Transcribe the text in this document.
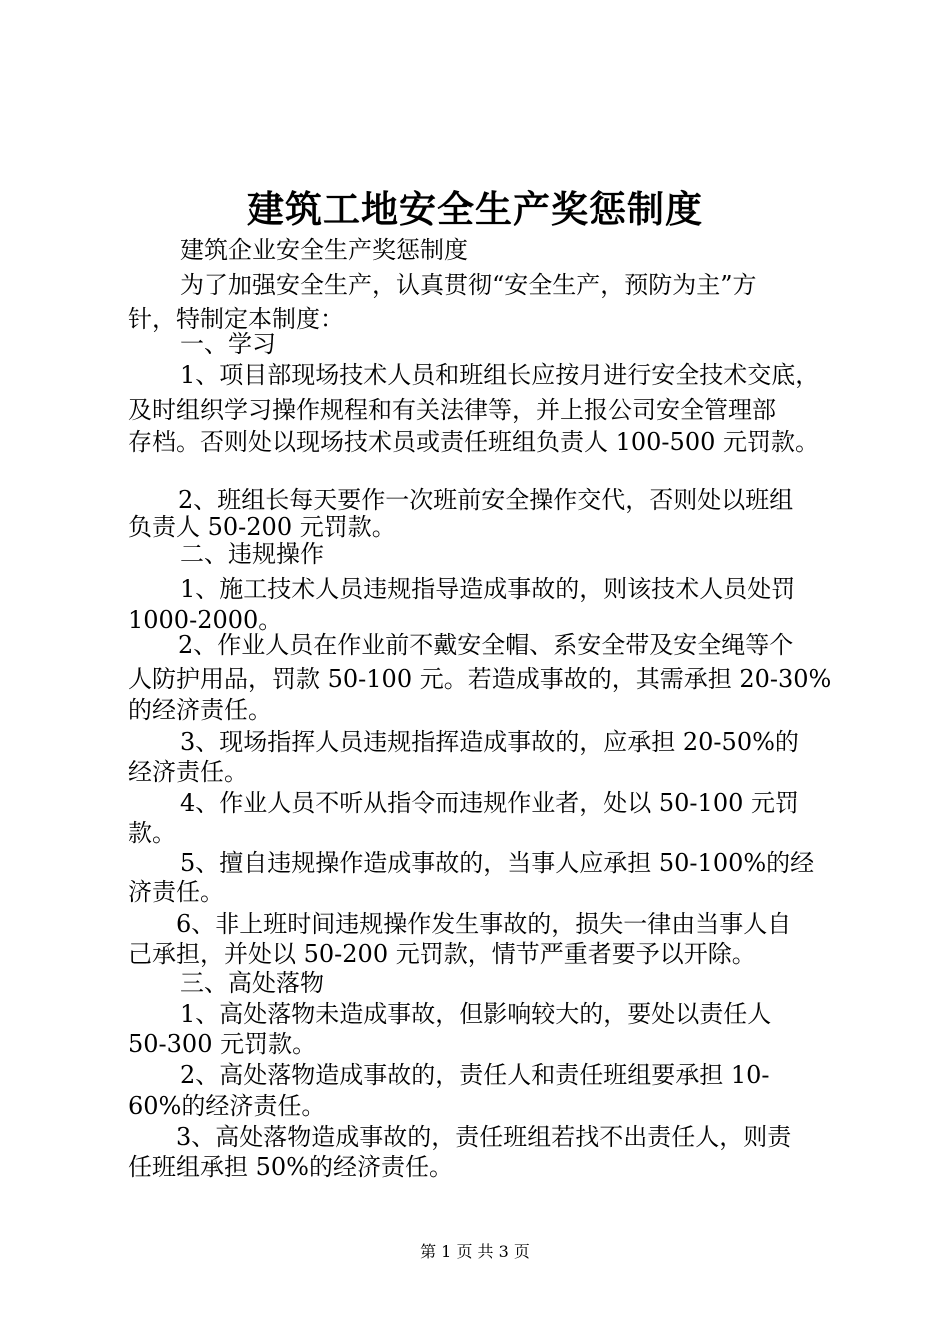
建筑工地安全生产奖惩制度
建筑企业安全生产奖惩制度
为了加强安全生产，认真贯彻“安全生产，预防为主”方
针，特制定本制度：
一、学习
1、项目部现场技术人员和班组长应按月进行安全技术交底，
及时组织学习操作规程和有关法律等，并上报公司安全管理部
存档。否则处以现场技术员或责任班组负责人 100-500 元罚款。
2、班组长每天要作一次班前安全操作交代，否则处以班组
负责人 50-200 元罚款。
二、违规操作
1、施工技术人员违规指导造成事故的，则该技术人员处罚
1000-2000。
2、作业人员在作业前不戴安全帽、系安全带及安全绳等个
人防护用品，罚款 50-100 元。若造成事故的，其需承担 20-30%
的经济责任。
3、现场指挥人员违规指挥造成事故的，应承担 20-50%的
经济责任。
4、作业人员不听从指令而违规作业者，处以 50-100 元罚
款。
5、擅自违规操作造成事故的，当事人应承担 50-100%的经
济责任。
6、非上班时间违规操作发生事故的，损失一律由当事人自
己承担，并处以 50-200 元罚款，情节严重者要予以开除。
三、高处落物
1、高处落物未造成事故，但影响较大的，要处以责任人
50-300 元罚款。
2、高处落物造成事故的，责任人和责任班组要承担 10-
60%的经济责任。
3、高处落物造成事故的，责任班组若找不出责任人，则责
任班组承担 50%的经济责任。
第 1 页 共 3 页
